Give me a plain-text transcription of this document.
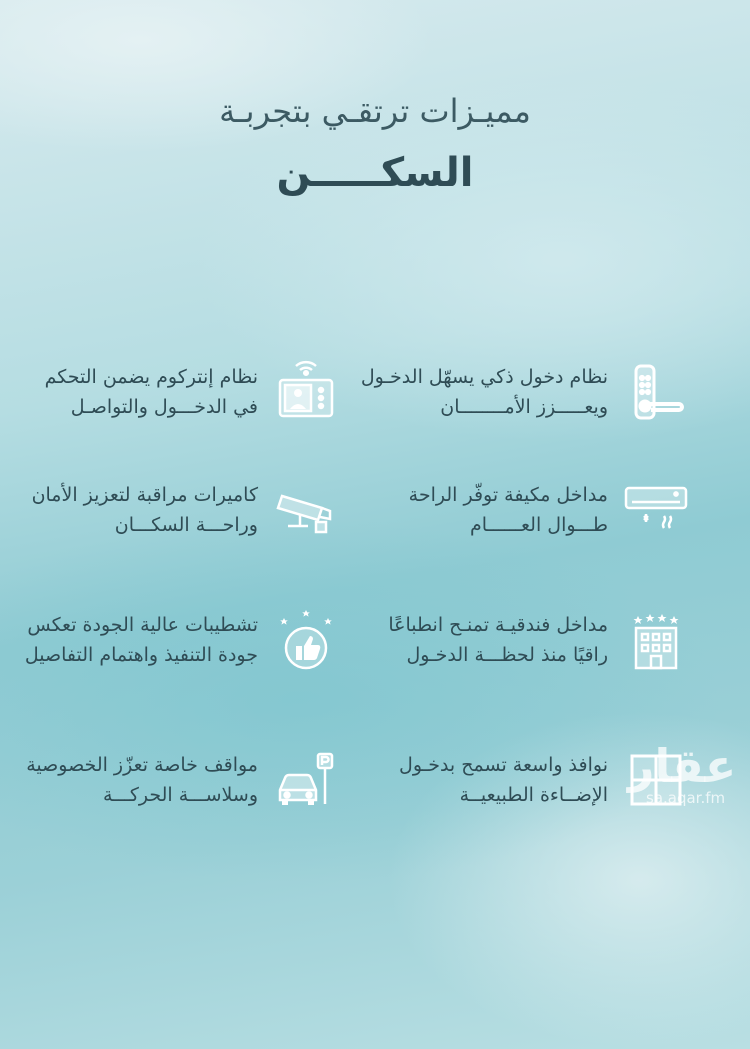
مميـزات ترتقـي بتجربـة
السكـــــن
نظام دخول ذكي يسهّل الدخـول
ويعـــــزز الأمــــــــان
نظام إنتركوم يضمن التحكم
في الدخـــول والتواصـل
مداخل مكيفة توفّر الراحة
طـــوال العــــــام
كاميرات مراقبة لتعزيز الأمان
وراحـــة السكـــان
مداخل فندقيـة تمنـح انطباعًا
راقيًا منذ لحظـــة الدخـول
تشطيبات عالية الجودة تعكس
جودة التنفيذ واهتمام التفاصيل
نوافذ واسعة تسمح بدخـول
الإضــاءة الطبيعيــة
مواقف خاصة تعزّز الخصوصية
وسلاســـة الحركـــة
عقار
sa.aqar.fm
